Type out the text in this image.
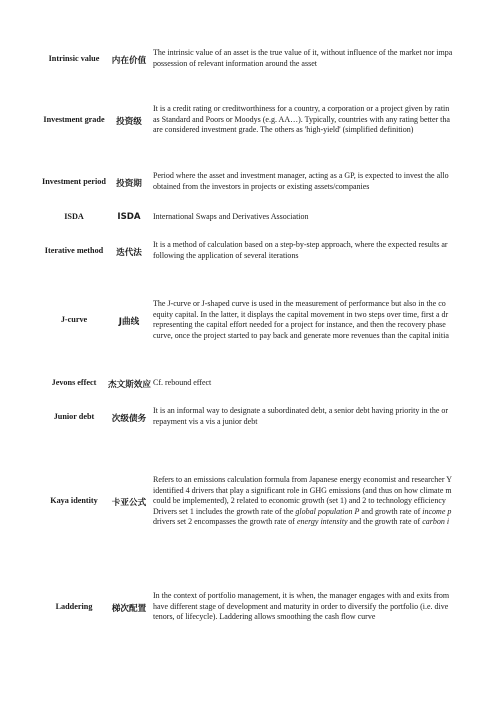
Intrinsic value	内在价值
The intrinsic value of an asset is the true value of it, without influence of the market nor impa
possession of relevant information around the asset
Investment grade	投资级
It is a credit rating or creditworthiness for a country, a corporation or a project given by ratin
as Standard and Poors or Moodys (e.g. AA…). Typically, countries with any rating better tha
are considered investment grade. The others as 'high-yield' (simplified definition)
Investment period	投资期
Period where the asset and investment manager, acting as a GP, is expected to invest the allo
obtained from the investors in projects or existing assets/companies
ISDA	ISDA	International Swaps and Derivatives Association
Iterative method	迭代法
It is a method of calculation based on a step-by-step approach, where the expected results ar
following the application of several iterations
J-curve	J曲线
The J-curve or J-shaped curve is used in the measurement of performance but also in the co
equity capital. In the latter, it displays the capital movement in two steps over time, first a dr
representing the capital effort needed for a project for instance, and then the recovery phase
curve, once the project started to pay back and generate more revenues than the capital initia
Jevons effect	杰文斯效应 Cf. rebound effect
Junior debt	次级债务
It is an informal way to designate a subordinated debt, a senior debt having priority in the or
repayment vis a vis a junior debt
Kaya identity	卡亚公式
Refers to an emissions calculation formula from Japanese energy economist and researcher Y
identified 4 drivers that play a significant role in GHG emissions (and thus on how climate m
could be implemented), 2 related to economic growth (set 1) and 2 to technology efficiency
Drivers set 1 includes the growth rate of the global population P and growth rate of income p
drivers set 2 encompasses the growth rate of energy intensity and the growth rate of carbon i
Laddering	梯次配置
In the context of portfolio management, it is when, the manager engages with and exits from
have different stage of development and maturity in order to diversify the portfolio (i.e. dive
tenors, of lifecycle). Laddering allows smoothing the cash flow curve
